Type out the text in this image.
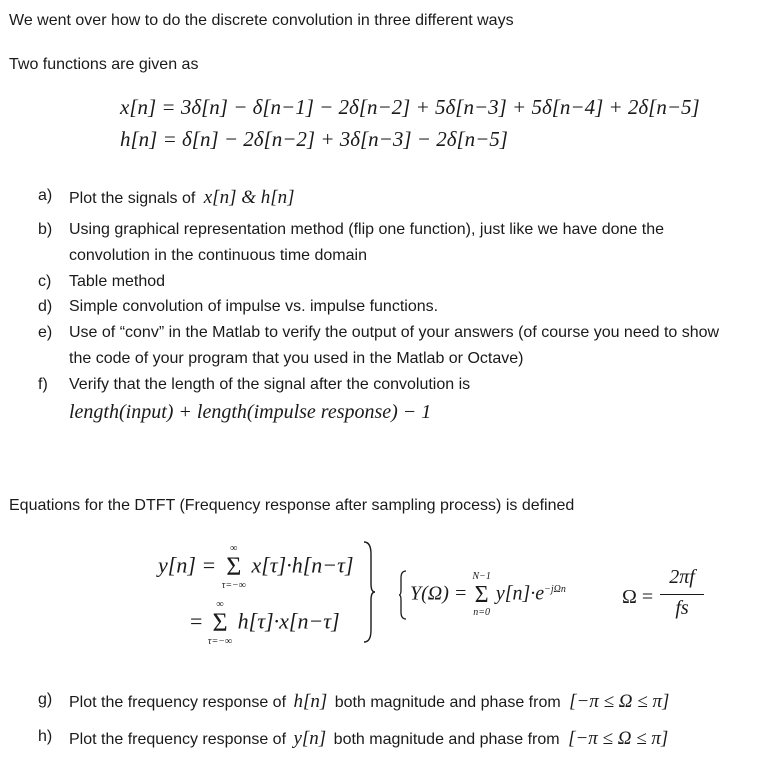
We went over how to do the discrete convolution in three different ways
Two functions are given as
x[n] = 3δ[n] − δ[n−1] − 2δ[n−2] + 5δ[n−3] + 5δ[n−4] + 2δ[n−5]
h[n] = δ[n] − 2δ[n−2] + 3δ[n−3] − 2δ[n−5]
a) Plot the signals of x[n] & h[n]
b) Using graphical representation method (flip one function), just like we have done the
convolution in the continuous time domain
c) Table method
d) Simple convolution of impulse vs. impulse functions.
e) Use of “conv” in the Matlab to verify the output of your answers (of course you need to show
the code of your program that you used in the Matlab or Octave)
f) Verify that the length of the signal after the convolution is
length(input) + length(impulse response) − 1
Equations for the DTFT (Frequency response after sampling process) is defined
y[n] =
∞
Σ
τ=−∞
x[τ]·h[n−τ]
=
∞
Σ
τ=−∞
h[τ]·x[n−τ]
Y(Ω) =
N−1
Σ
n=0
$y[n]\cdot e^{-j\Omega n}$	Ω =
2πf
fs
g) Plot the frequency response of h[n] both magnitude and phase from [−π ≤ Ω ≤ π]
h) Plot the frequency response of y[n] both magnitude and phase from [−π ≤ Ω ≤ π]
